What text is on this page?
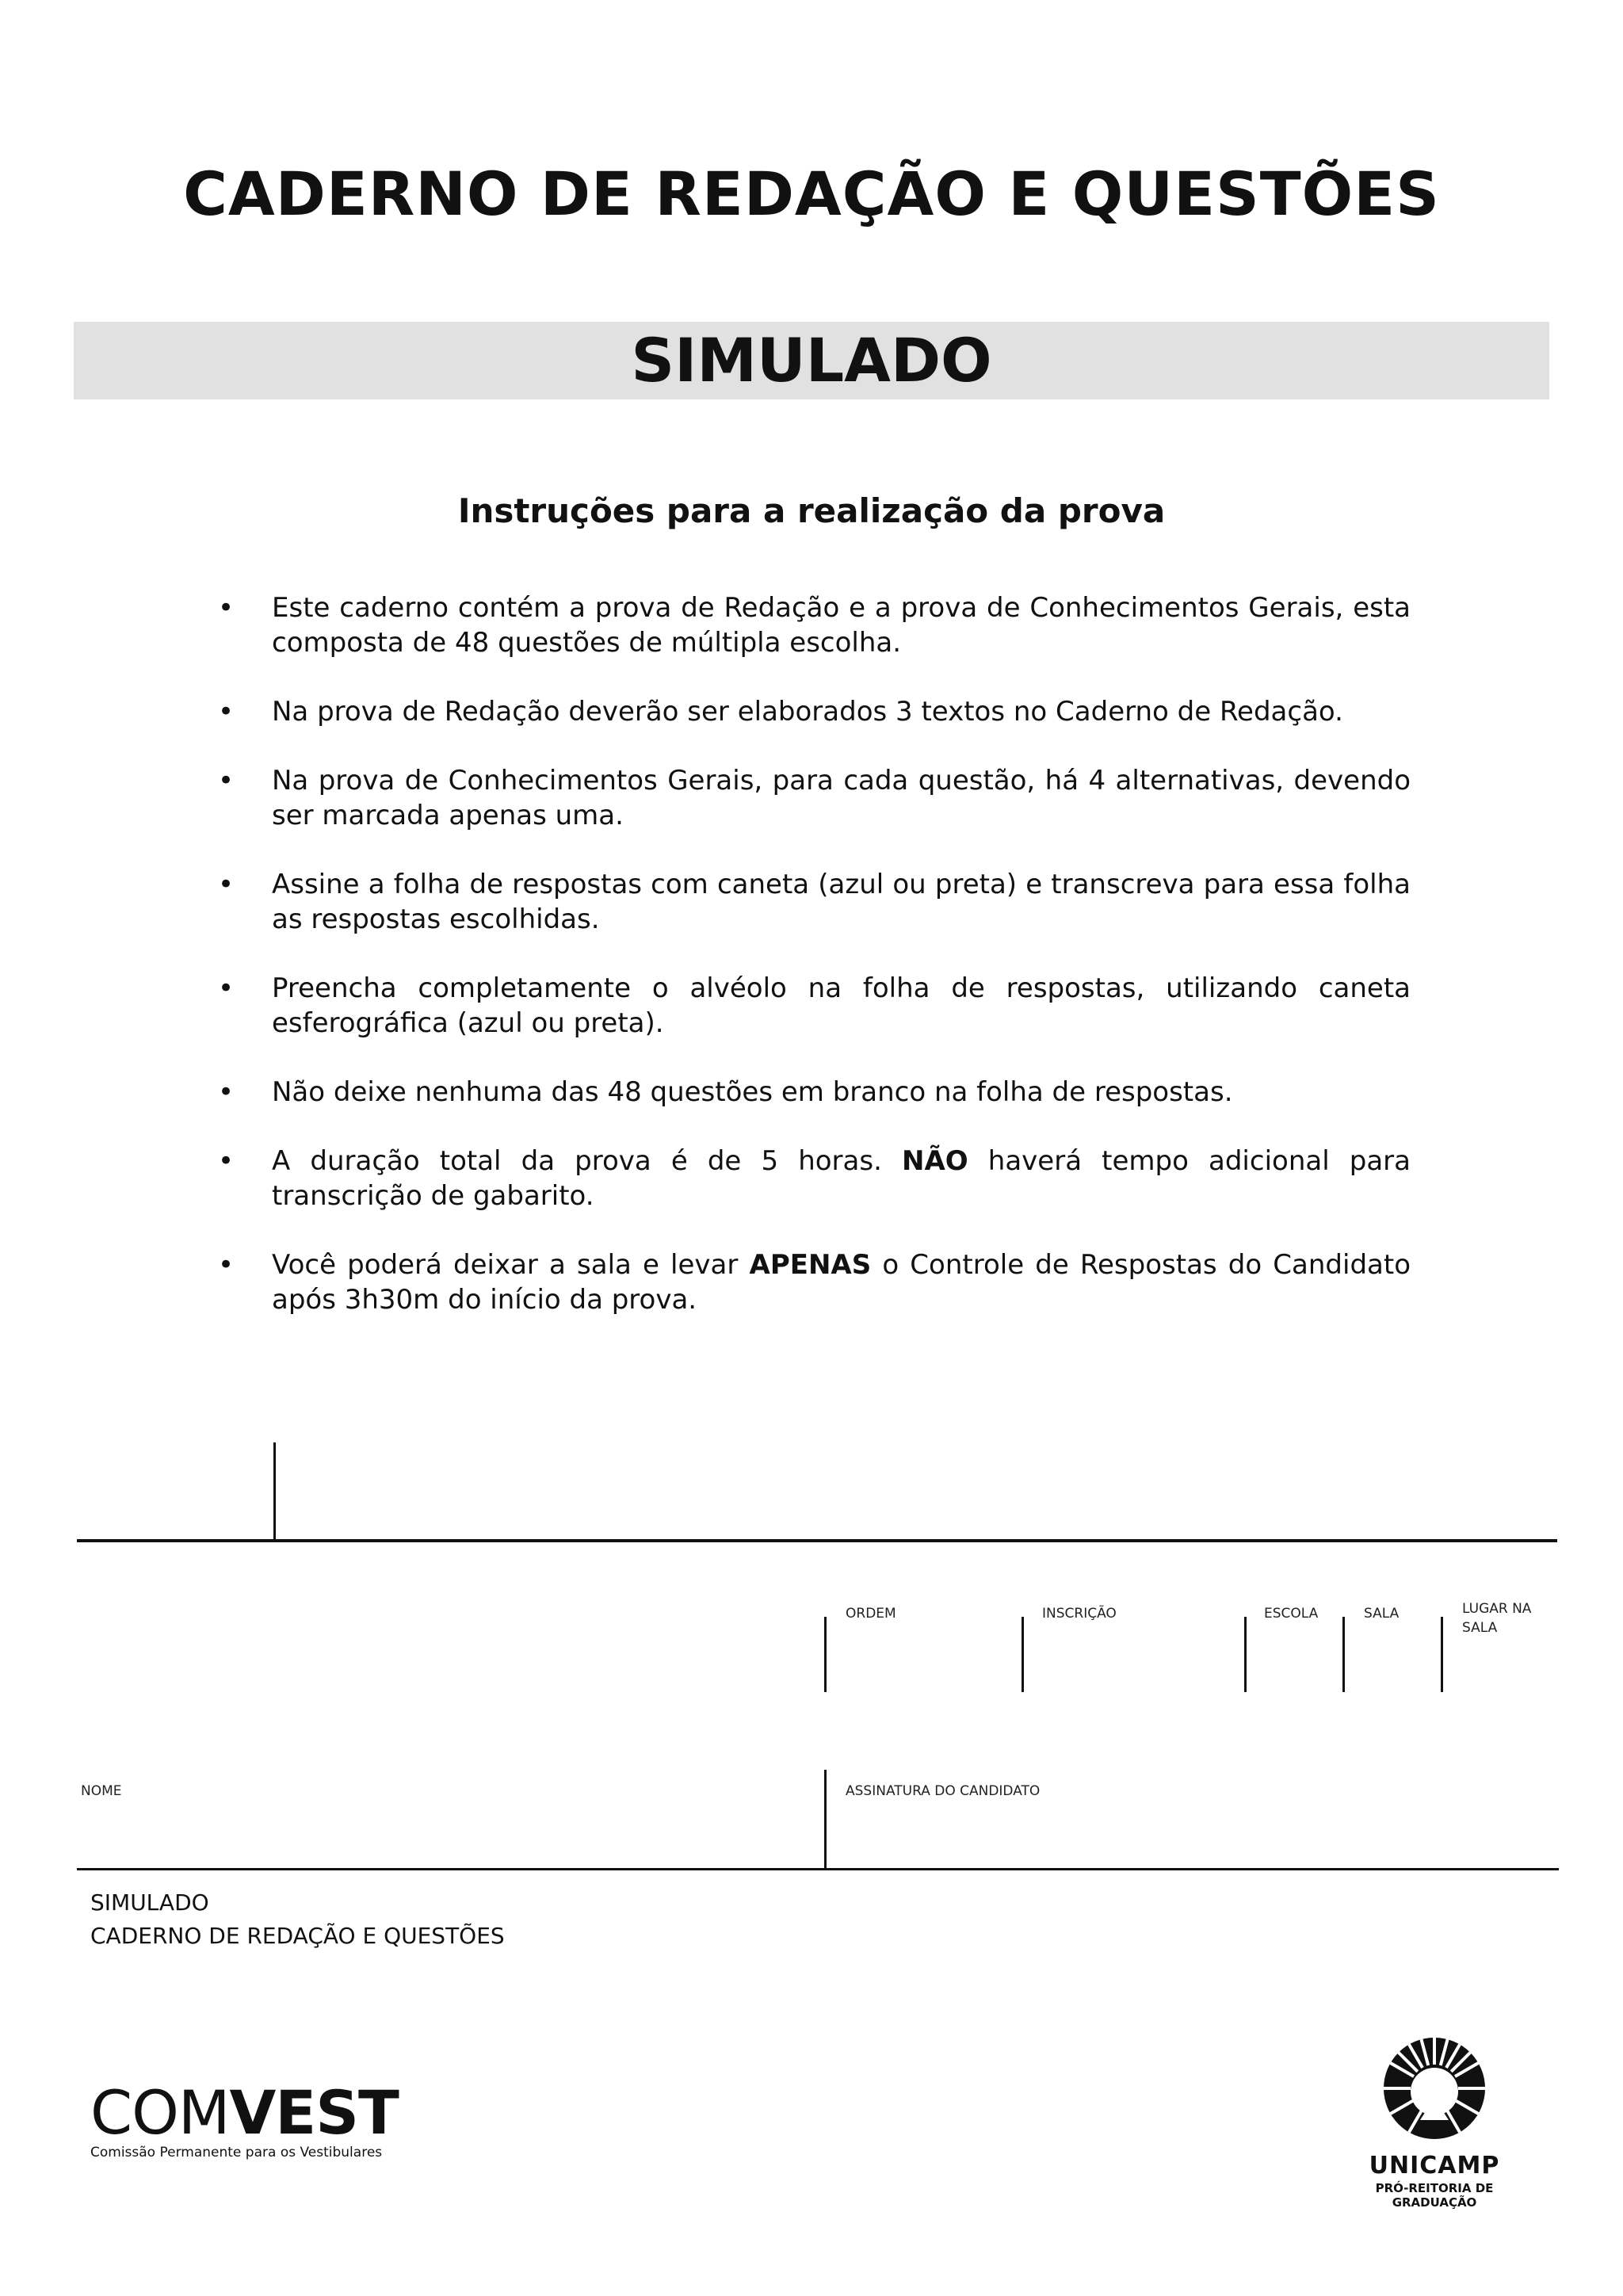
CADERNO DE REDAÇÃO E QUESTÕES
SIMULADO
Instruções para a realização da prova
• Este caderno contém a prova de Redação e a prova de Conhecimentos Gerais, esta composta de 48 questões de múltipla escolha.
• Na prova de Redação deverão ser elaborados 3 textos no Caderno de Redação.
• Na prova de Conhecimentos Gerais, para cada questão, há 4 alternativas, devendo ser marcada apenas uma.
• Assine a folha de respostas com caneta (azul ou preta) e transcreva para essa folha as respostas escolhidas.
• Preencha completamente o alvéolo na folha de respostas, utilizando caneta esferográfica (azul ou preta).
• Não deixe nenhuma das 48 questões em branco na folha de respostas.
• A duração total da prova é de 5 horas. NÃO haverá tempo adicional para transcrição de gabarito.
• Você poderá deixar a sala e levar APENAS o Controle de Respostas do Candidato após 3h30m do início da prova.
ORDEM	INSCRIÇÃO	ESCOLA	SALA	LUGAR NA
SALA
NOME	ASSINATURA DO CANDIDATO
SIMULADO
CADERNO DE REDAÇÃO E QUESTÕES
COMVEST
Comissão Permanente para os Vestibulares	UNICAMP
PRÓ-REITORIA DE GRADUAÇÃO
